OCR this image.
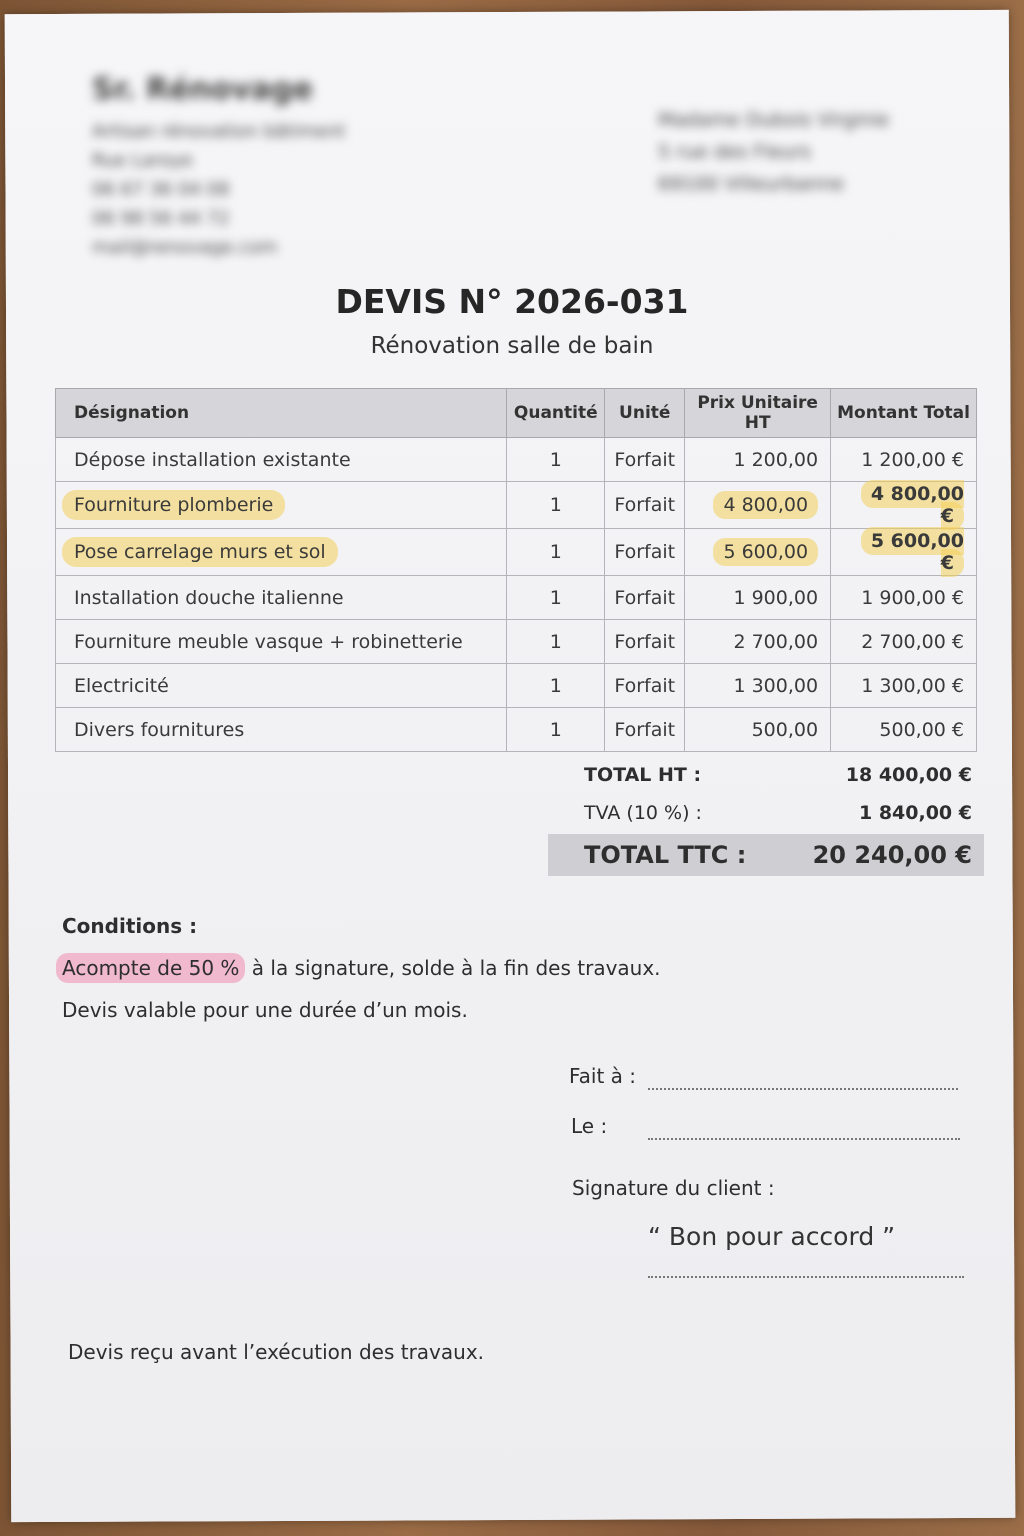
Sr. Rénovage
Artisan rénovation bâtiment
Rue Laroye
06 67 36 04 08
06 98 56 44 72
mail@renovage.com
Madame Dubois Virginie
5 rue des Fleurs
69100 Villeurbanne
DEVIS N° 2026-031
Rénovation salle de bain
Désignation	Quantité	Unité	Prix Unitaire HT	Montant Total
Dépose installation existante	1	Forfait	1 200,00	1 200,00 €
Fourniture plomberie	1	Forfait	4 800,00	4 800,00 €
Pose carrelage murs et sol	1	Forfait	5 600,00	5 600,00 €
Installation douche italienne	1	Forfait	1 900,00	1 900,00 €
Fourniture meuble vasque + robinetterie	1	Forfait	2 700,00	2 700,00 €
Electricité	1	Forfait	1 300,00	1 300,00 €
Divers fournitures	1	Forfait	500,00	500,00 €
TOTAL HT :	18 400,00 €
TVA (10 %) :	1 840,00 €
TOTAL TTC :	20 240,00 €
Conditions :
Acompte de 50 % à la signature, solde à la fin des travaux.
Devis valable pour une durée d’un mois.
Fait à :
Le :
Signature du client :
“ Bon pour accord ”
Devis reçu avant l’exécution des travaux.
